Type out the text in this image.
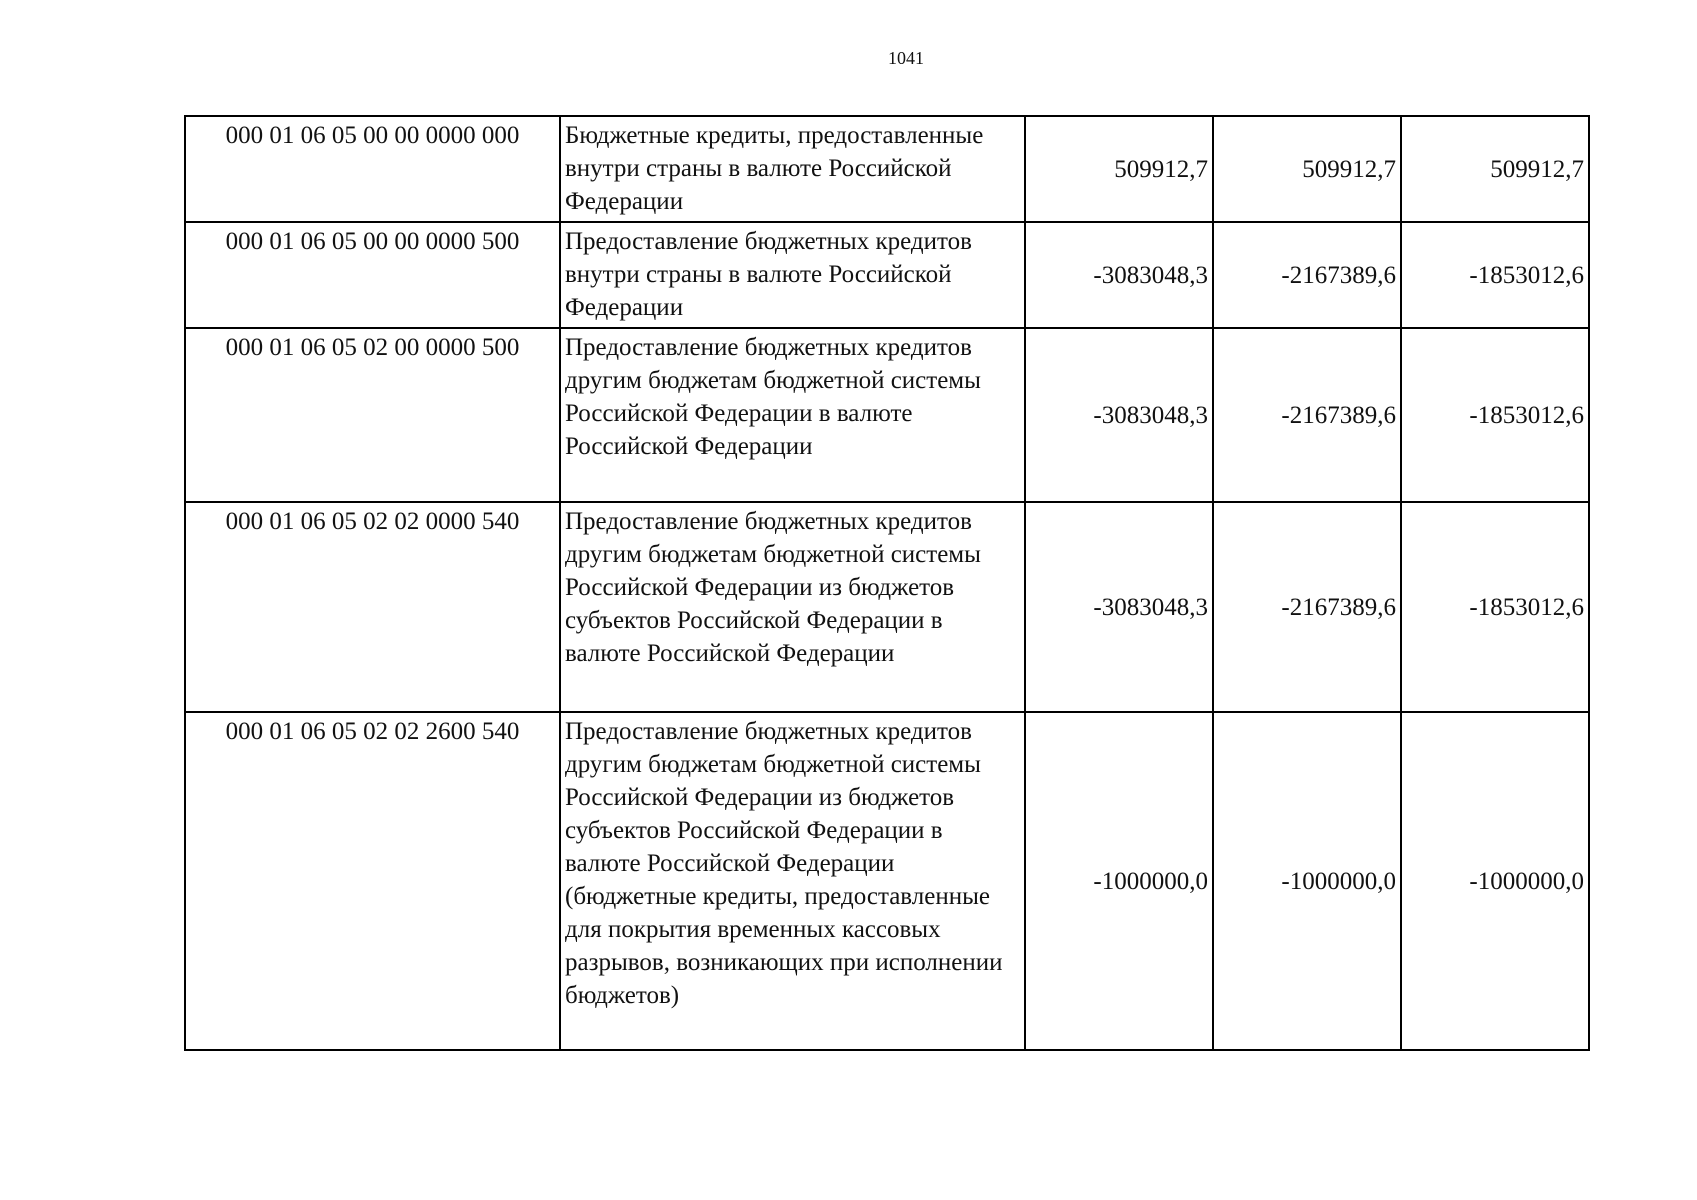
1041
000 01 06 05 00 00 0000 000	Бюджетные кредиты, предоставленные внутри страны в валюте Российской Федерации	509912,7	509912,7	509912,7
000 01 06 05 00 00 0000 500	Предоставление бюджетных кредитов внутри страны в валюте Российской Федерации	-3083048,3	-2167389,6	-1853012,6
000 01 06 05 02 00 0000 500	Предоставление бюджетных кредитов другим бюджетам бюджетной системы Российской Федерации в валюте Российской Федерации	-3083048,3	-2167389,6	-1853012,6
000 01 06 05 02 02 0000 540	Предоставление бюджетных кредитов другим бюджетам бюджетной системы Российской Федерации из бюджетов субъектов Российской Федерации в валюте Российской Федерации	-3083048,3	-2167389,6	-1853012,6
000 01 06 05 02 02 2600 540	Предоставление бюджетных кредитов другим бюджетам бюджетной системы Российской Федерации из бюджетов субъектов Российской Федерации в валюте Российской Федерации (бюджетные кредиты, предоставленные для покрытия временных кассовых разрывов, возникающих при исполнении бюджетов)	-1000000,0	-1000000,0	-1000000,0
